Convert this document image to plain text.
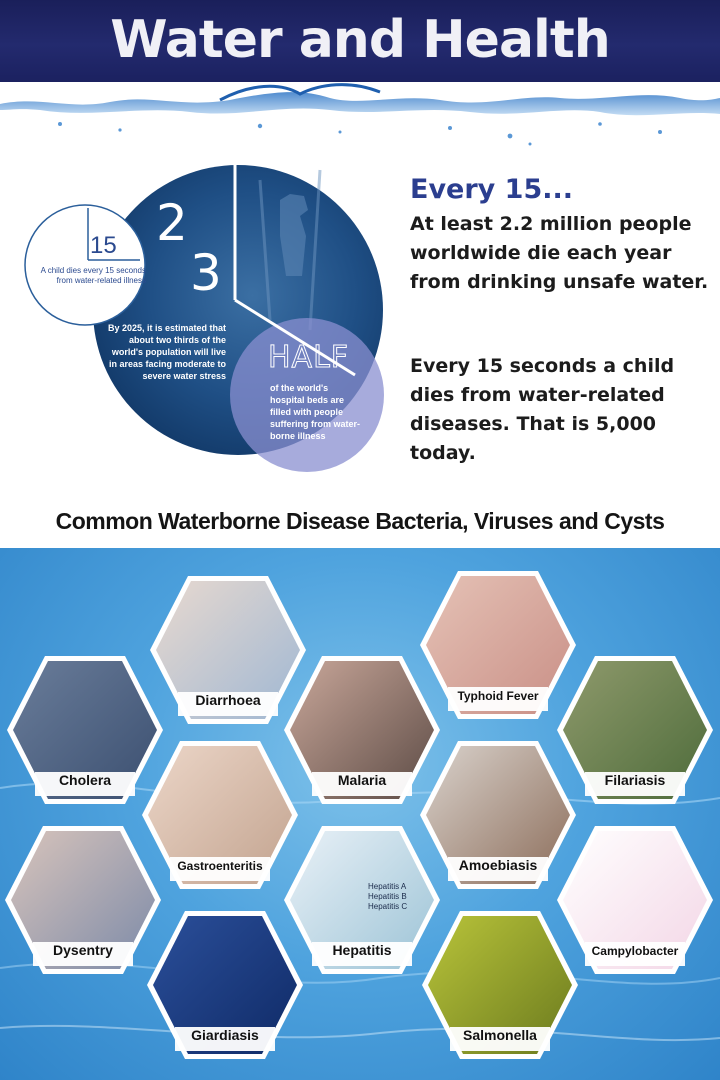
Water and Health
15
A child dies every 15 seconds from water-related illness
2
3
By 2025, it is estimated that about two thirds of the world's population will live in areas facing moderate to severe water stress
HALF
of the world's hospital beds are filled with people suffering from water-borne illness
Every 15...
At least 2.2 million people worldwide die each year from drinking unsafe water.
Every 15 seconds a child dies from water-related diseases. That is 5,000 today.
Common Waterborne Disease Bacteria, Viruses and Cysts
Diarrhoea	Typhoid Fever
Cholera	Malaria	Filariasis
Gastroenteritis	Amoebiasis
Dysentry	Hepatitis
Hepatitis A
Hepatitis B
Hepatitis C
Campylobacter
Giardiasis	Salmonella
